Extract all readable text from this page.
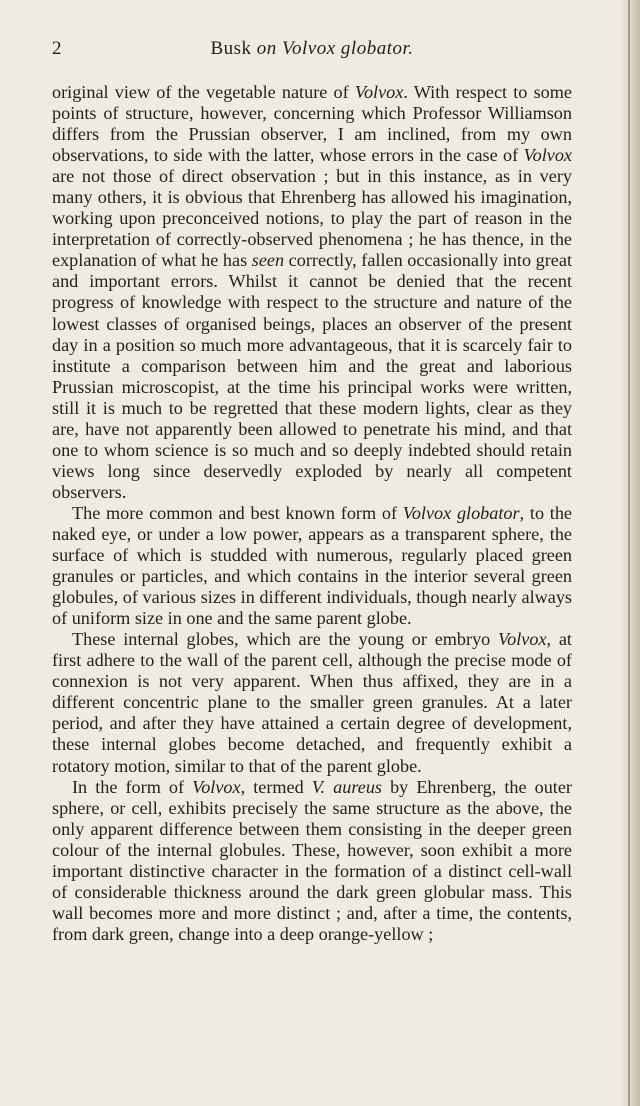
2	Busk on Volvox globator.

original view of the vegetable nature of Volvox. With respect to some points of structure, however, concerning which Professor Williamson differs from the Prussian observer, I am inclined, from my own observations, to side with the latter, whose errors in the case of Volvox are not those of direct observation ; but in this instance, as in very many others, it is obvious that Ehrenberg has allowed his imagination, working upon preconceived notions, to play the part of reason in the interpretation of correctly-observed phenomena ; he has thence, in the explanation of what he has seen correctly, fallen occasionally into great and important errors. Whilst it cannot be denied that the recent progress of knowledge with respect to the structure and nature of the lowest classes of organised beings, places an observer of the present day in a position so much more advantageous, that it is scarcely fair to institute a comparison between him and the great and laborious Prussian microscopist, at the time his principal works were written, still it is much to be regretted that these modern lights, clear as they are, have not apparently been allowed to penetrate his mind, and that one to whom science is so much and so deeply indebted should retain views long since deservedly exploded by nearly all competent observers.

The more common and best known form of Volvox globator, to the naked eye, or under a low power, appears as a transparent sphere, the surface of which is studded with numerous, regularly placed green granules or particles, and which contains in the interior several green globules, of various sizes in different individuals, though nearly always of uniform size in one and the same parent globe.

These internal globes, which are the young or embryo Volvox, at first adhere to the wall of the parent cell, although the precise mode of connexion is not very apparent. When thus affixed, they are in a different concentric plane to the smaller green granules. At a later period, and after they have attained a certain degree of development, these internal globes become detached, and frequently exhibit a rotatory motion, similar to that of the parent globe.

In the form of Volvox, termed V. aureus by Ehrenberg, the outer sphere, or cell, exhibits precisely the same structure as the above, the only apparent difference between them consisting in the deeper green colour of the internal globules. These, however, soon exhibit a more important distinctive character in the formation of a distinct cell-wall of considerable thickness around the dark green globular mass. This wall becomes more and more distinct ; and, after a time, the contents, from dark green, change into a deep orange-yellow ;
